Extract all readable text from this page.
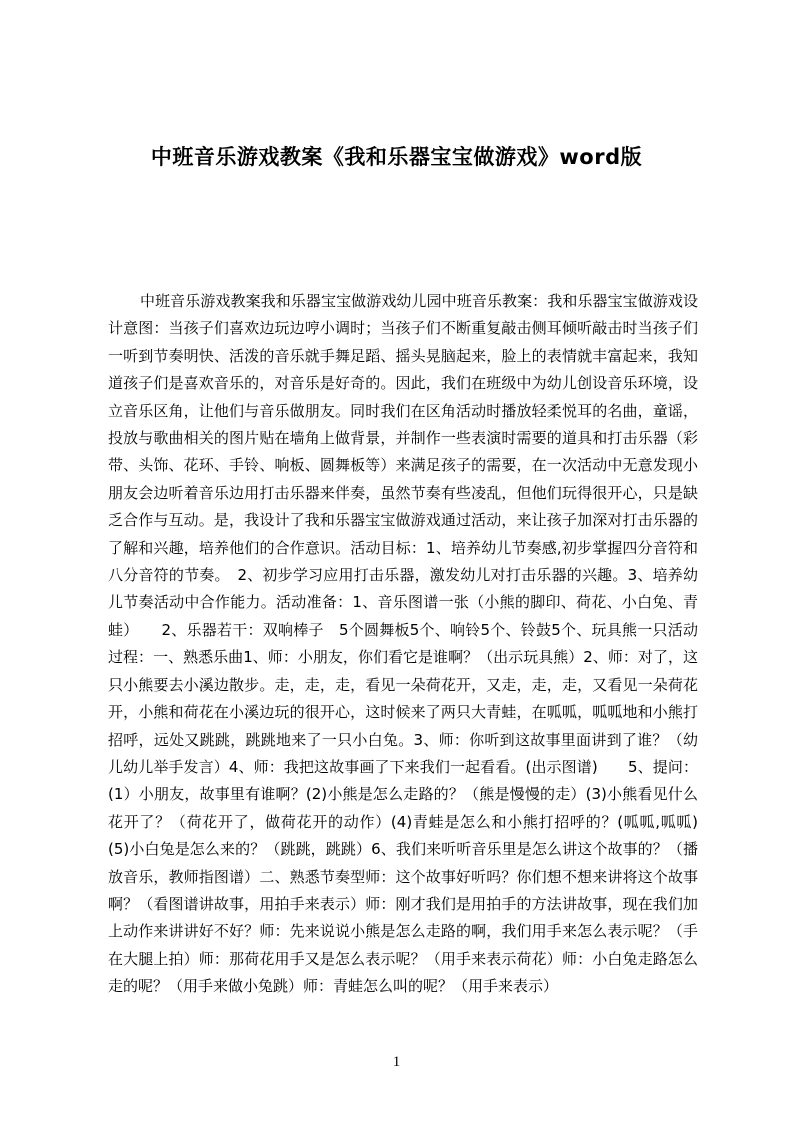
中班音乐游戏教案《我和乐器宝宝做游戏》word版

中班音乐游戏教案我和乐器宝宝做游戏幼儿园中班音乐教案：我和乐器宝宝做游戏设计意图：当孩子们喜欢边玩边哼小调时；当孩子们不断重复敲击侧耳倾听敲击时当孩子们一听到节奏明快、活泼的音乐就手舞足蹈、摇头晃脑起来，脸上的表情就丰富起来，我知道孩子们是喜欢音乐的，对音乐是好奇的。因此，我们在班级中为幼儿创设音乐环境，设立音乐区角，让他们与音乐做朋友。同时我们在区角活动时播放轻柔悦耳的名曲，童谣，投放与歌曲相关的图片贴在墙角上做背景，并制作一些表演时需要的道具和打击乐器（彩带、头饰、花环、手铃、响板、圆舞板等）来满足孩子的需要，在一次活动中无意发现小朋友会边听着音乐边用打击乐器来伴奏，虽然节奏有些凌乱，但他们玩得很开心，只是缺乏合作与互动。是，我设计了我和乐器宝宝做游戏通过活动，来让孩子加深对打击乐器的了解和兴趣，培养他们的合作意识。活动目标：1、培养幼儿节奏感,初步掌握四分音符和八分音符的节奏。　2、初步学习应用打击乐器，激发幼儿对打击乐器的兴趣。3、培养幼儿节奏活动中合作能力。活动准备：1、音乐图谱一张（小熊的脚印、荷花、小白兔、青蛙）　　2、乐器若干：双响棒子　5个圆舞板5个、响铃5个、铃鼓5个、玩具熊一只活动过程：一、熟悉乐曲1、师：小朋友，你们看它是谁啊？（出示玩具熊）2、师：对了，这只小熊要去小溪边散步。走，走，走，看见一朵荷花开，又走，走，走，又看见一朵荷花开，小熊和荷花在小溪边玩的很开心，这时候来了两只大青蛙，在呱呱，呱呱地和小熊打招呼，远处又跳跳，跳跳地来了一只小白兔。3、师：你听到这故事里面讲到了谁？（幼儿幼儿举手发言）4、师：我把这故事画了下来我们一起看看。(出示图谱)　　5、提问：(1）小朋友，故事里有谁啊？(2)小熊是怎么走路的？（熊是慢慢的走）(3)小熊看见什么花开了？（荷花开了，做荷花开的动作）(4)青蛙是怎么和小熊打招呼的？(呱呱,呱呱)　(5)小白兔是怎么来的？（跳跳，跳跳）6、我们来听听音乐里是怎么讲这个故事的？（播放音乐，教师指图谱）二、熟悉节奏型师：这个故事好听吗？你们想不想来讲将这个故事啊？（看图谱讲故事，用拍手来表示）师：刚才我们是用拍手的方法讲故事，现在我们加上动作来讲讲好不好？师：先来说说小熊是怎么走路的啊，我们用手来怎么表示呢？（手在大腿上拍）师：那荷花用手又是怎么表示呢？（用手来表示荷花）师：小白兔走路怎么走的呢？（用手来做小兔跳）师：青蛙怎么叫的呢？（用手来表示）

1
